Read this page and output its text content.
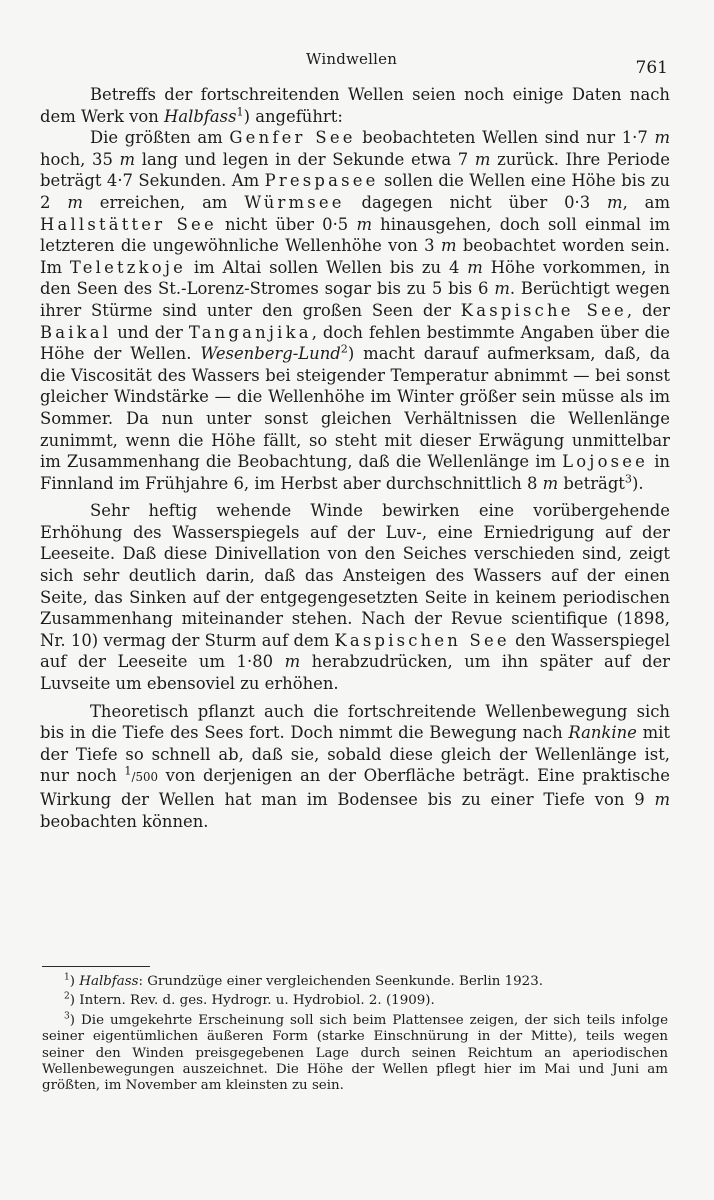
Windwellen	761

Betreffs der fortschreitenden Wellen seien noch einige Daten nach dem Werk von Halbfass$^1$) angeführt:

Die größten am Genfer See beobachteten Wellen sind nur 1·7 m hoch, 35 m lang und legen in der Sekunde etwa 7 m zurück. Ihre Periode beträgt 4·7 Sekunden. Am Prespasee sollen die Wellen eine Höhe bis zu 2 m erreichen, am Würmsee dagegen nicht über 0·3 m, am Hallstätter See nicht über 0·5 m hinausgehen, doch soll einmal im letzteren die ungewöhnliche Wellenhöhe von 3 m beobachtet worden sein. Im Teletzkoje im Altai sollen Wellen bis zu 4 m Höhe vorkommen, in den Seen des St.-Lorenz-Stromes sogar bis zu 5 bis 6 m. Berüchtigt wegen ihrer Stürme sind unter den großen Seen der Kaspische See, der Baikal und der Tanganjika, doch fehlen bestimmte Angaben über die Höhe der Wellen. Wesenberg-Lund$^2$) macht darauf aufmerksam, daß, da die Viscosität des Wassers bei steigender Temperatur abnimmt — bei sonst gleicher Windstärke — die Wellenhöhe im Winter größer sein müsse als im Sommer. Da nun unter sonst gleichen Verhältnissen die Wellenlänge zunimmt, wenn die Höhe fällt, so steht mit dieser Erwägung unmittelbar im Zusammenhang die Beobachtung, daß die Wellenlänge im Lojosee in Finnland im Frühjahre 6, im Herbst aber durchschnittlich 8 m beträgt$^3$).

Sehr heftig wehende Winde bewirken eine vorübergehende Erhöhung des Wasserspiegels auf der Luv-, eine Erniedrigung auf der Leeseite. Daß diese Dinivellation von den Seiches verschieden sind, zeigt sich sehr deutlich darin, daß das Ansteigen des Wassers auf der einen Seite, das Sinken auf der entgegengesetzten Seite in keinem periodischen Zusammenhang miteinander stehen. Nach der Revue scientifique (1898, Nr. 10) vermag der Sturm auf dem Kaspischen See den Wasserspiegel auf der Leeseite um 1·80 m herabzudrücken, um ihn später auf der Luvseite um ebensoviel zu erhöhen.

Theoretisch pflanzt auch die fortschreitende Wellenbewegung sich bis in die Tiefe des Sees fort. Doch nimmt die Bewegung nach Rankine mit der Tiefe so schnell ab, daß sie, sobald diese gleich der Wellenlänge ist, nur noch $^1$/500 von derjenigen an der Oberfläche beträgt. Eine praktische Wirkung der Wellen hat man im Bodensee bis zu einer Tiefe von 9 m beobachten können.

$^1$) Halbfass: Grundzüge einer vergleichenden Seenkunde. Berlin 1923.

$^2$) Intern. Rev. d. ges. Hydrogr. u. Hydrobiol. 2. (1909).

$^3$) Die umgekehrte Erscheinung soll sich beim Plattensee zeigen, der sich teils infolge seiner eigentümlichen äußeren Form (starke Einschnürung in der Mitte), teils wegen seiner den Winden preisgegebenen Lage durch seinen Reichtum an aperiodischen Wellenbewegungen auszeichnet. Die Höhe der Wellen pflegt hier im Mai und Juni am größten, im November am kleinsten zu sein.
